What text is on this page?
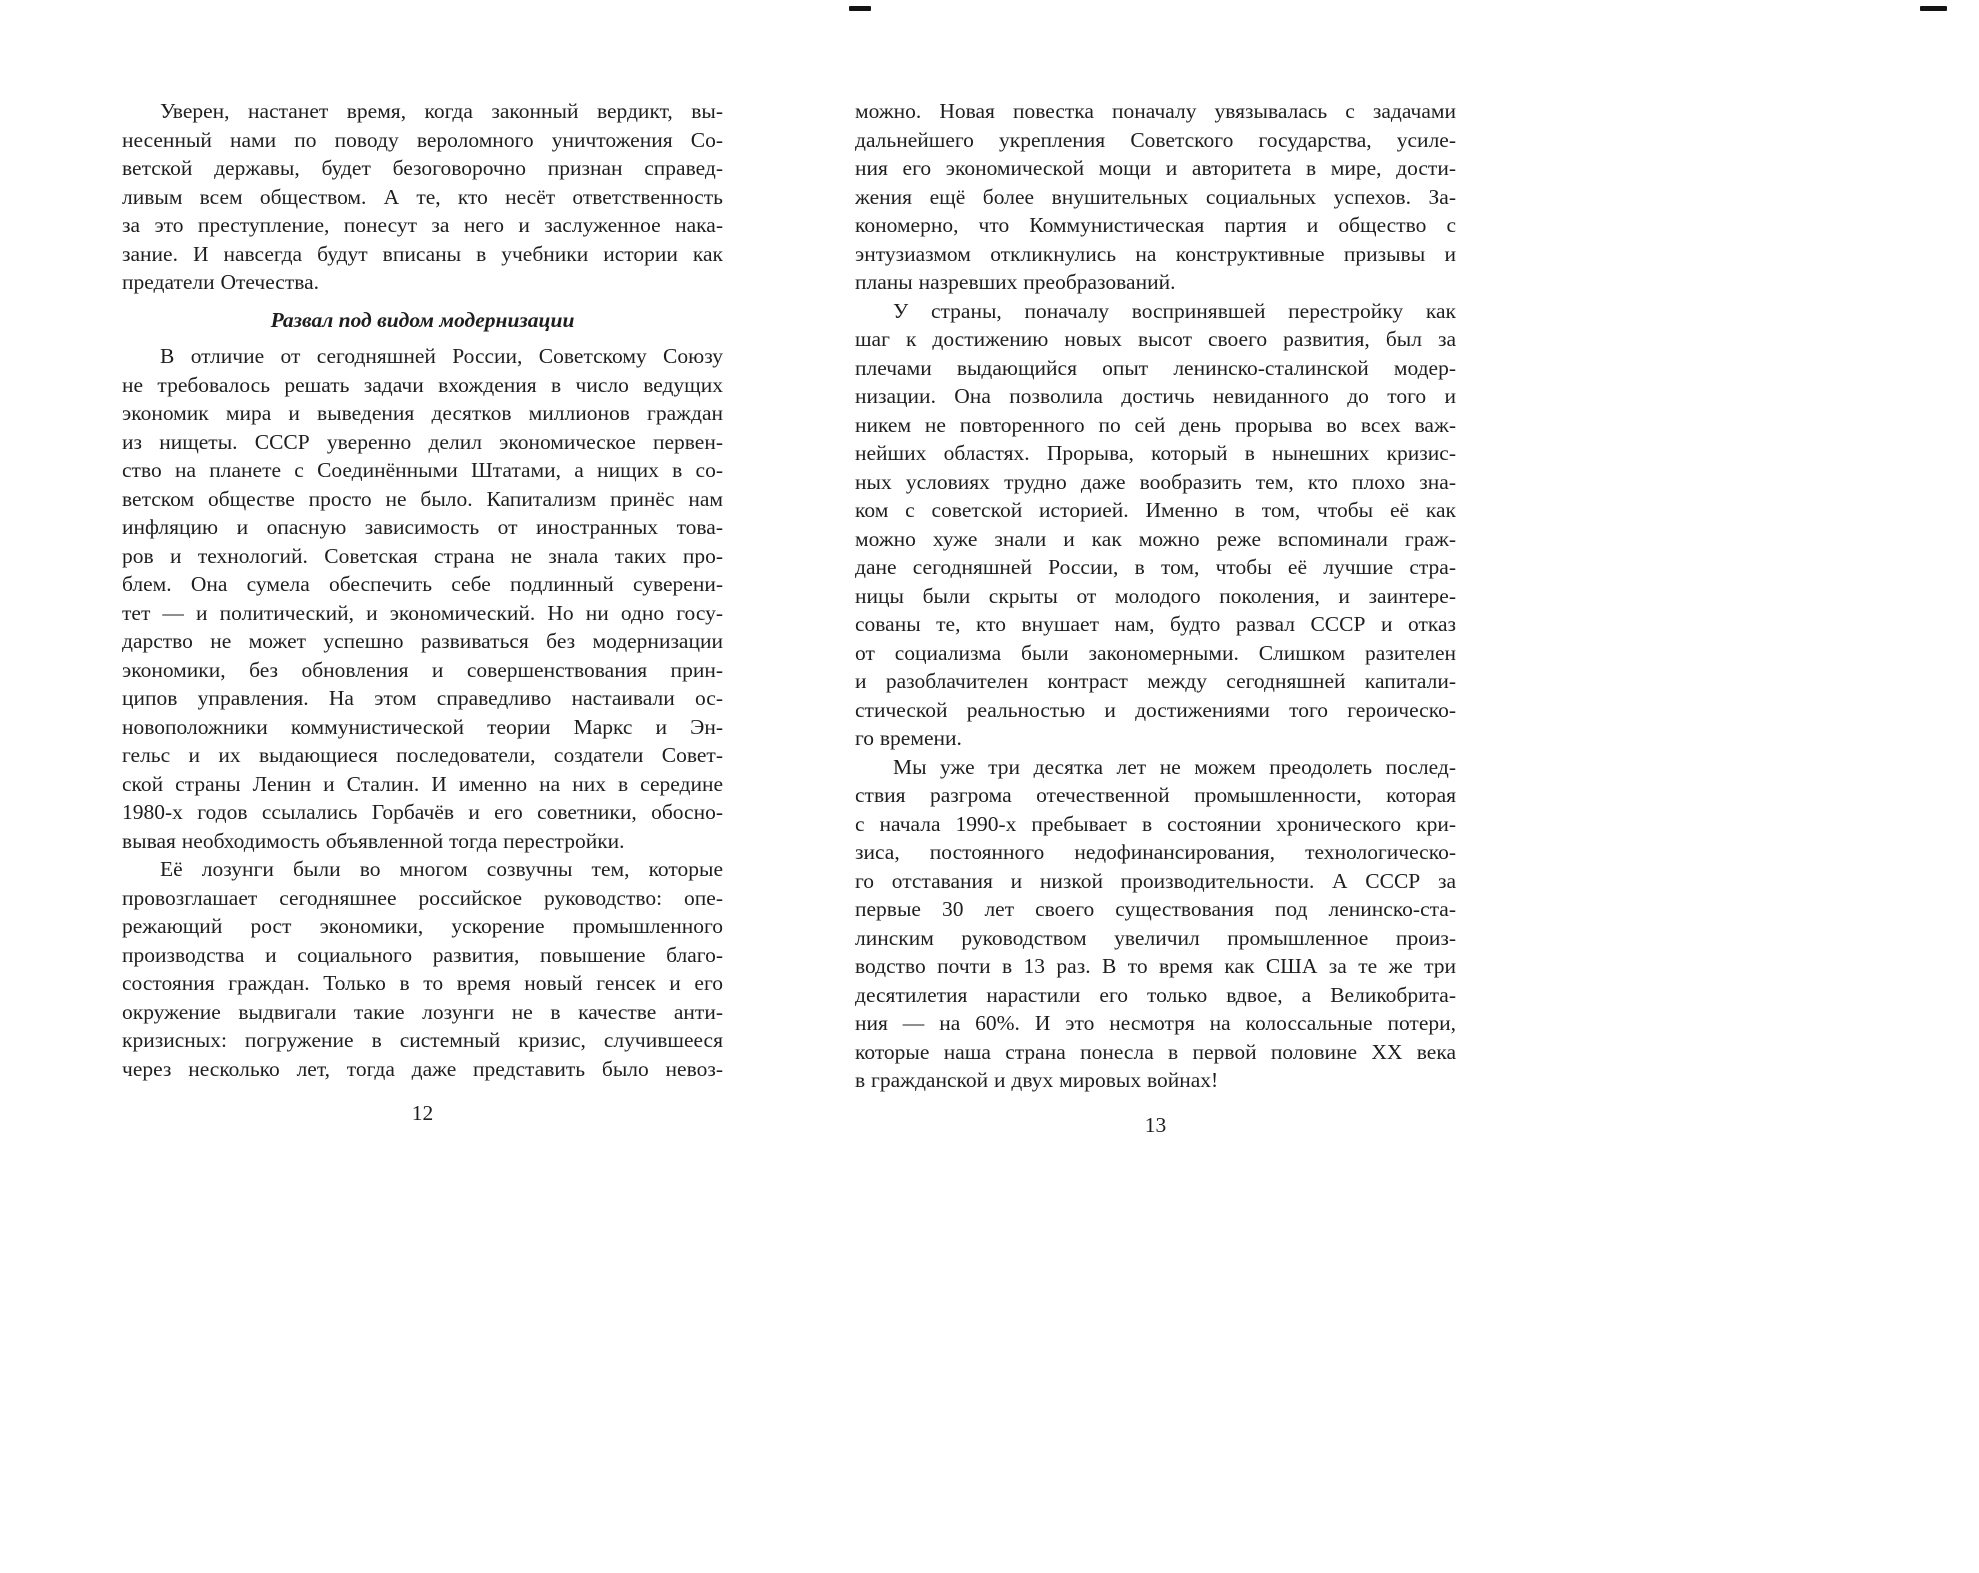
Уверен, настанет время, когда законный вердикт, вы-
несенный нами по поводу вероломного уничтожения Со-
ветской державы, будет безоговорочно признан справед-
ливым всем обществом. А те, кто несёт ответственность
за это преступление, понесут за него и заслуженное нака-
зание. И навсегда будут вписаны в учебники истории как
предатели Отечества.
Развал под видом модернизации
В отличие от сегодняшней России, Советскому Союзу
не требовалось решать задачи вхождения в число ведущих
экономик мира и выведения десятков миллионов граждан
из нищеты. СССР уверенно делил экономическое первен-
ство на планете с Соединёнными Штатами, а нищих в со-
ветском обществе просто не было. Капитализм принёс нам
инфляцию и опасную зависимость от иностранных това-
ров и технологий. Советская страна не знала таких про-
блем. Она сумела обеспечить себе подлинный суверени-
тет — и политический, и экономический. Но ни одно госу-
дарство не может успешно развиваться без модернизации
экономики, без обновления и совершенствования прин-
ципов управления. На этом справедливо настаивали ос-
новоположники коммунистической теории Маркс и Эн-
гельс и их выдающиеся последователи, создатели Совет-
ской страны Ленин и Сталин. И именно на них в середине
1980-х годов ссылались Горбачёв и его советники, обосно-
вывая необходимость объявленной тогда перестройки.
Её лозунги были во многом созвучны тем, которые
провозглашает сегодняшнее российское руководство: опе-
режающий рост экономики, ускорение промышленного
производства и социального развития, повышение благо-
состояния граждан. Только в то время новый генсек и его
окружение выдвигали такие лозунги не в качестве анти-
кризисных: погружение в системный кризис, случившееся
через несколько лет, тогда даже представить было невоз-
12
можно. Новая повестка поначалу увязывалась с задачами
дальнейшего укрепления Советского государства, усиле-
ния его экономической мощи и авторитета в мире, дости-
жения ещё более внушительных социальных успехов. За-
кономерно, что Коммунистическая партия и общество с
энтузиазмом откликнулись на конструктивные призывы и
планы назревших преобразований.
У страны, поначалу воспринявшей перестройку как
шаг к достижению новых высот своего развития, был за
плечами выдающийся опыт ленинско-сталинской модер-
низации. Она позволила достичь невиданного до того и
никем не повторенного по сей день прорыва во всех важ-
нейших областях. Прорыва, который в нынешних кризис-
ных условиях трудно даже вообразить тем, кто плохо зна-
ком с советской историей. Именно в том, чтобы её как
можно хуже знали и как можно реже вспоминали граж-
дане сегодняшней России, в том, чтобы её лучшие стра-
ницы были скрыты от молодого поколения, и заинтере-
сованы те, кто внушает нам, будто развал СССР и отказ
от социализма были закономерными. Слишком разителен
и разоблачителен контраст между сегодняшней капитали-
стической реальностью и достижениями того героическо-
го времени.
Мы уже три десятка лет не можем преодолеть послед-
ствия разгрома отечественной промышленности, которая
с начала 1990-х пребывает в состоянии хронического кри-
зиса, постоянного недофинансирования, технологическо-
го отставания и низкой производительности. А СССР за
первые 30 лет своего существования под ленинско-ста-
линским руководством увеличил промышленное произ-
водство почти в 13 раз. В то время как США за те же три
десятилетия нарастили его только вдвое, а Великобрита-
ния — на 60%. И это несмотря на колоссальные потери,
которые наша страна понесла в первой половине XX века
в гражданской и двух мировых войнах!
13
